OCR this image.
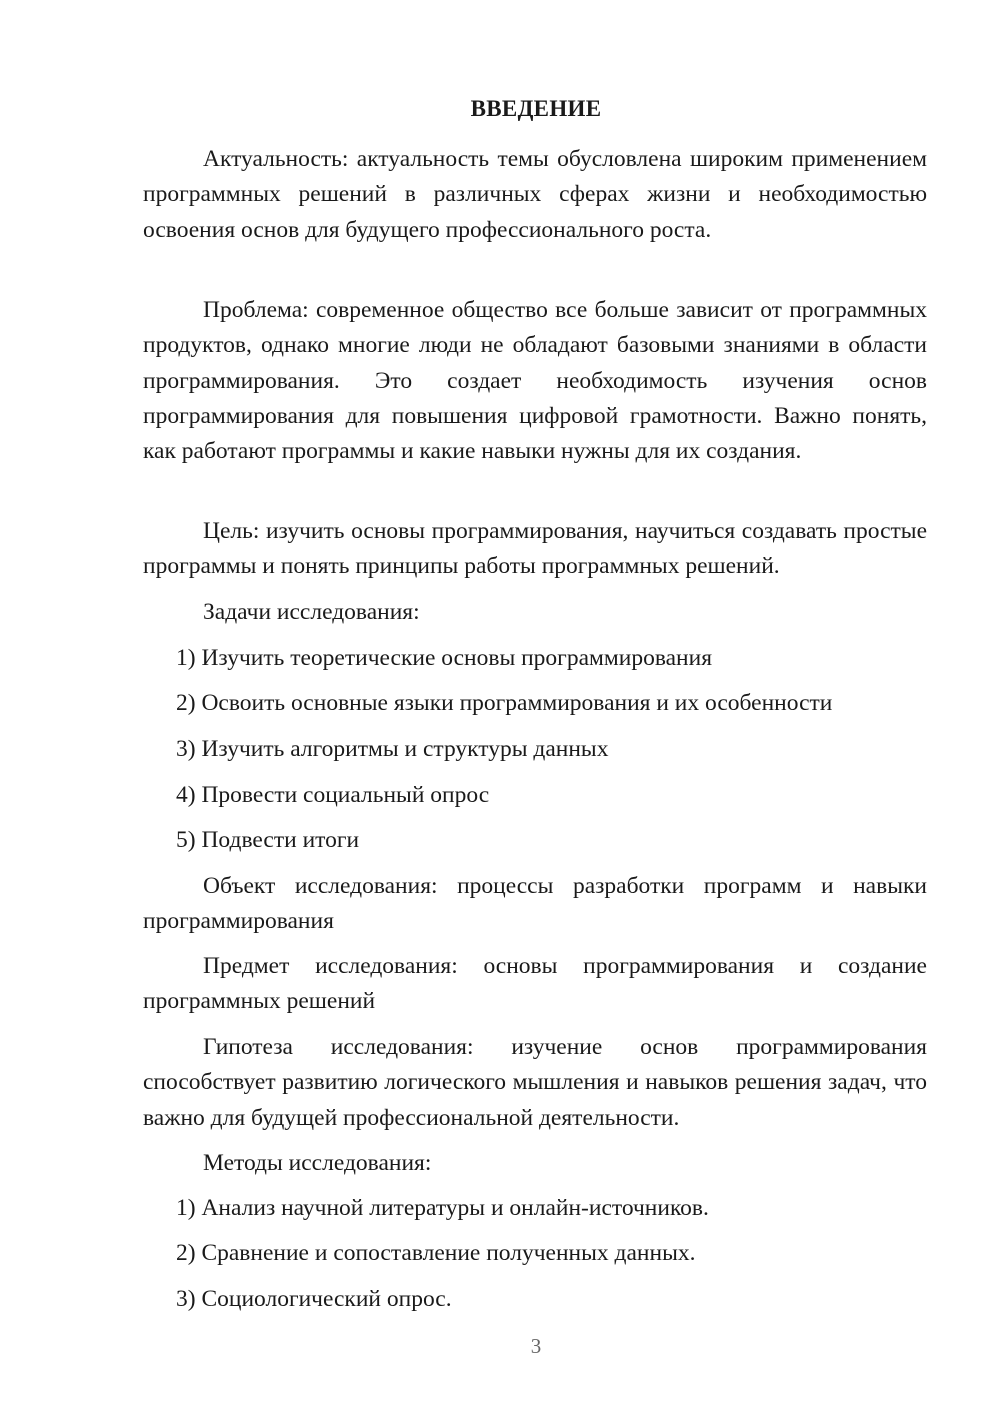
ВВЕДЕНИЕ

Актуальность: актуальность темы обусловлена широким применением программных решений в различных сферах жизни и необходимостью освоения основ для будущего профессионального роста.

Проблема: современное общество все больше зависит от программных продуктов, однако многие люди не обладают базовыми знаниями в области программирования. Это создает необходимость изучения основ программирования для повышения цифровой грамотности. Важно понять, как работают программы и какие навыки нужны для их создания.

Цель: изучить основы программирования, научиться создавать простые программы и понять принципы работы программных решений.

Задачи исследования:

1) Изучить теоретические основы программирования
2) Освоить основные языки программирования и их особенности
3) Изучить алгоритмы и структуры данных
4) Провести социальный опрос
5) Подвести итоги

Объект исследования: процессы разработки программ и навыки программирования

Предмет исследования: основы программирования и создание программных решений

Гипотеза исследования: изучение основ программирования способствует развитию логического мышления и навыков решения задач, что важно для будущей профессиональной деятельности.

Методы исследования:

1) Анализ научной литературы и онлайн-источников.
2) Сравнение и сопоставление полученных данных.
3) Социологический опрос.
3
